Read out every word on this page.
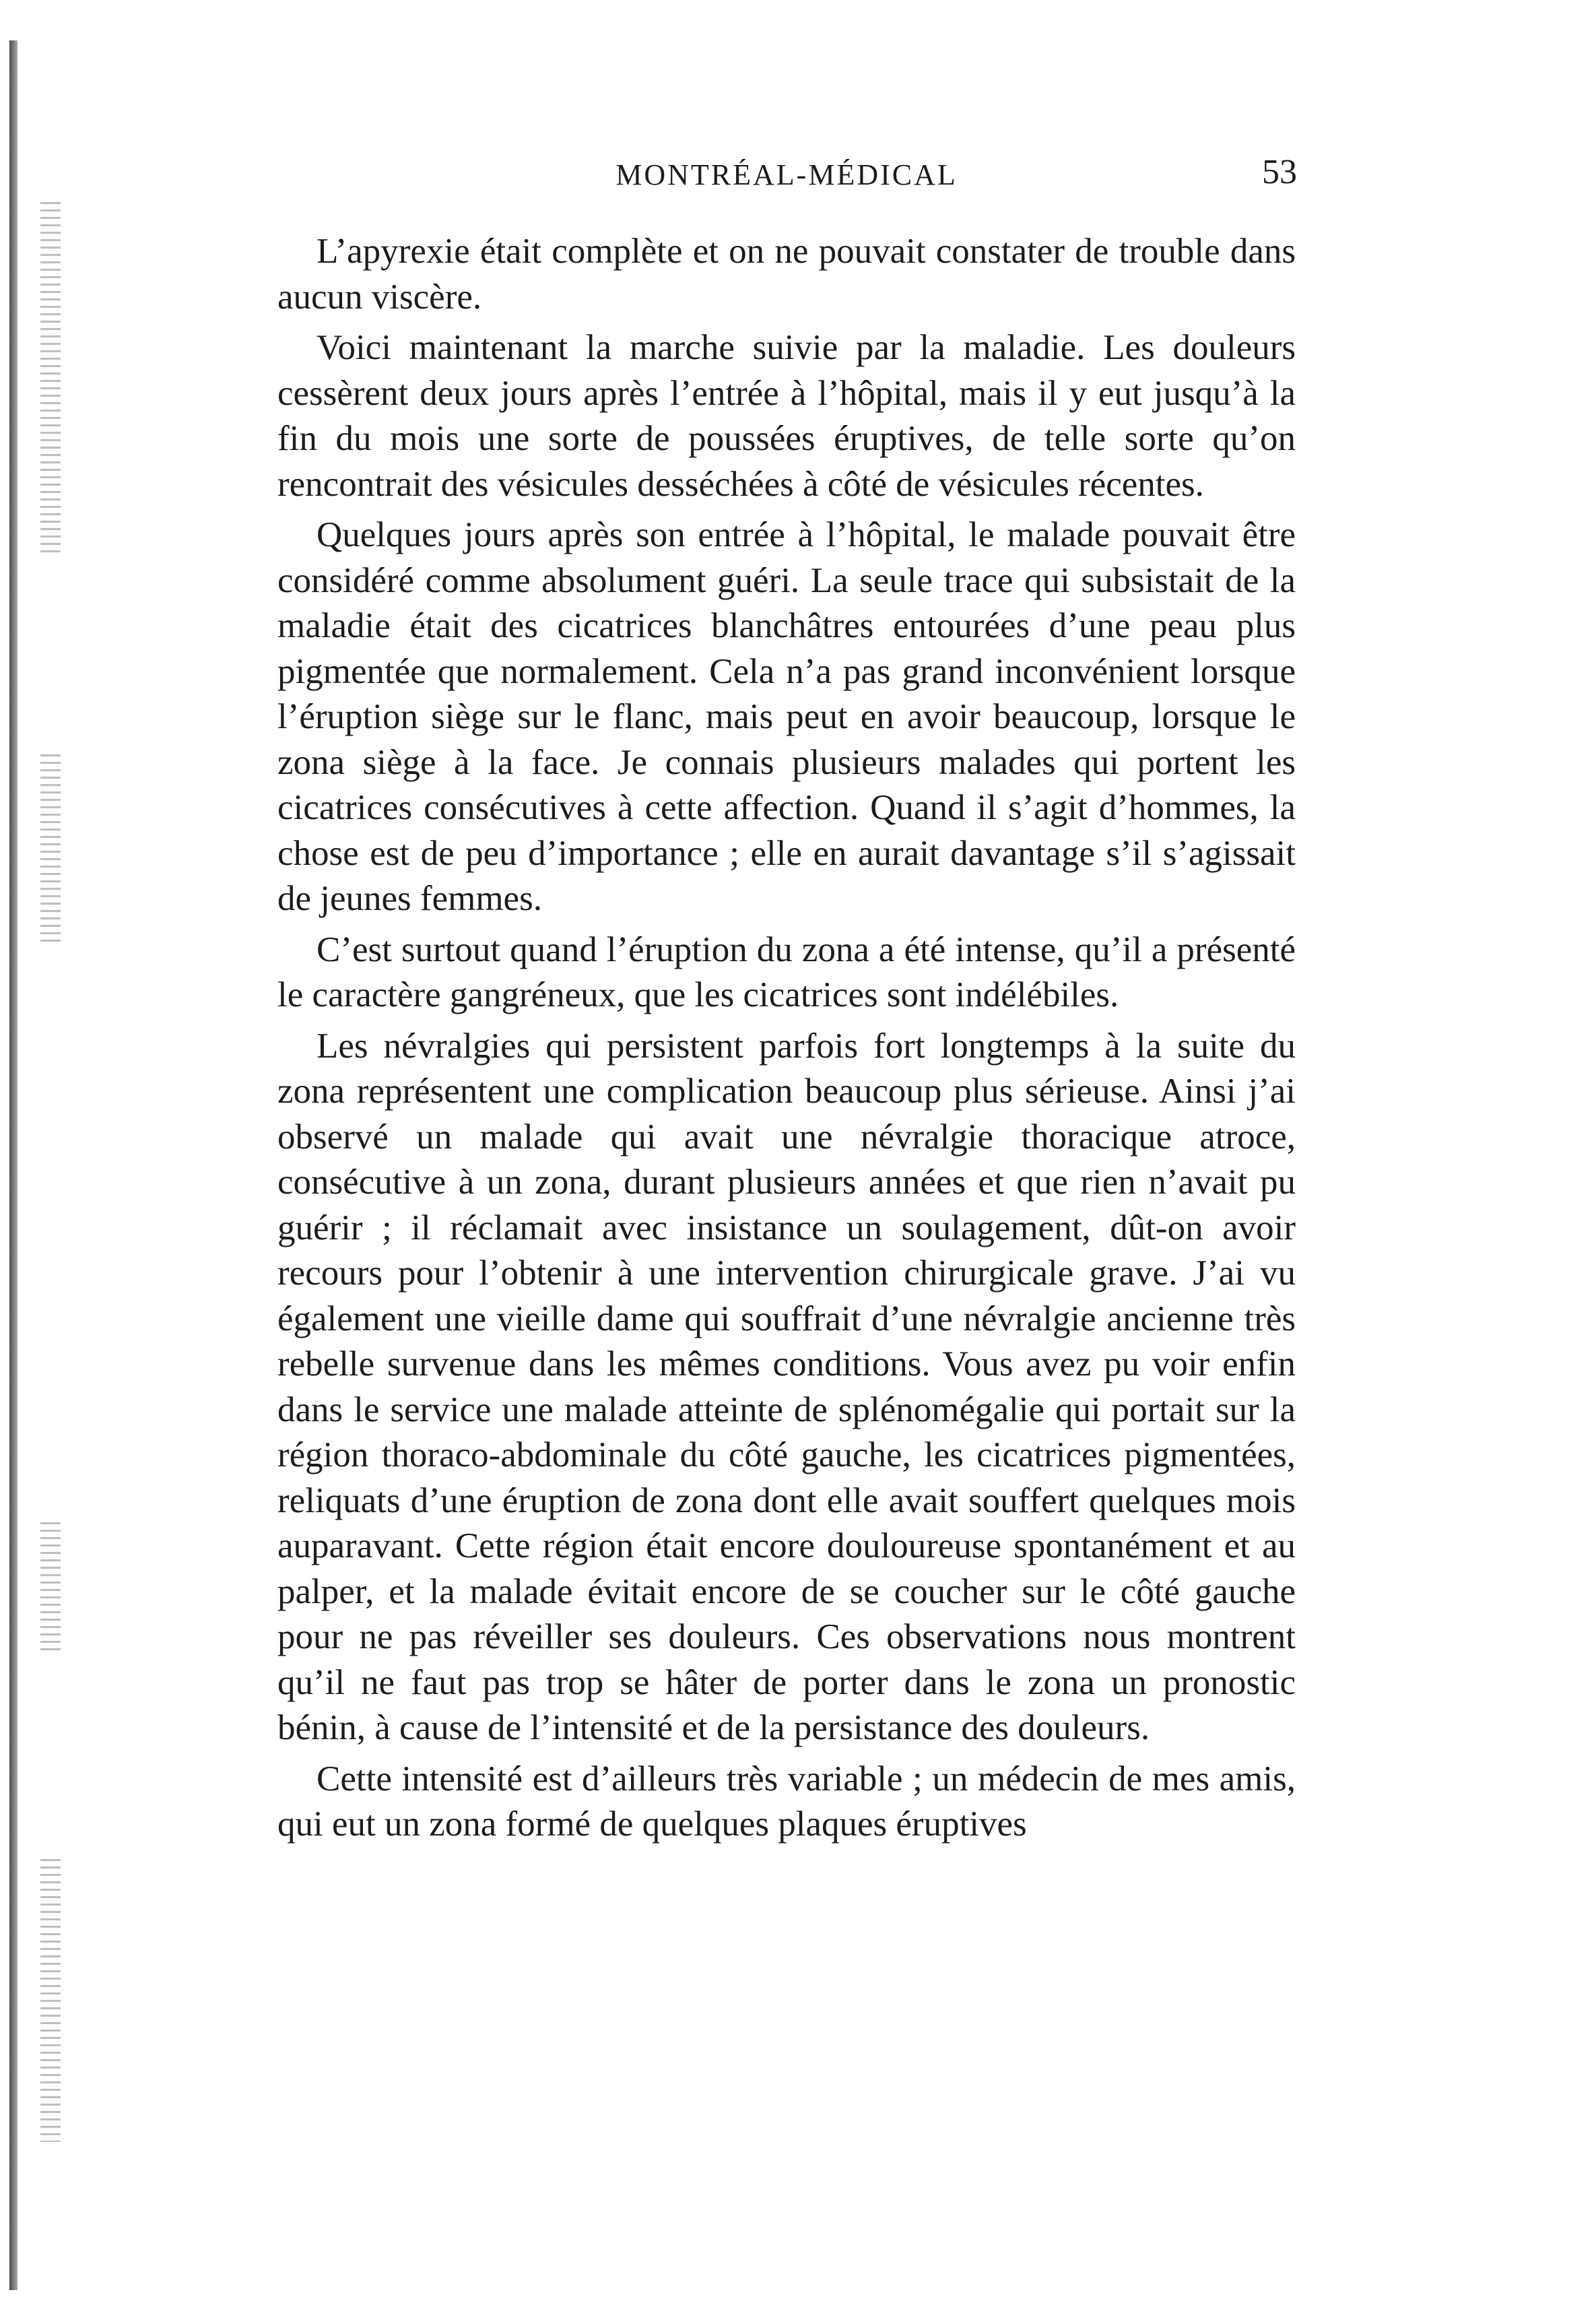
MONTRÉAL-MÉDICAL	53

L’apyrexie était complète et on ne pouvait constater de trouble dans aucun viscère.

Voici maintenant la marche suivie par la maladie. Les douleurs cessèrent deux jours après l’entrée à l’hôpital, mais il y eut jusqu’à la fin du mois une sorte de poussées éruptives, de telle sorte qu’on rencontrait des vésicules desséchées à côté de vésicules récentes.

Quelques jours après son entrée à l’hôpital, le malade pouvait être considéré comme absolument guéri. La seule trace qui subsistait de la maladie était des cicatrices blanchâtres entourées d’une peau plus pigmentée que normalement. Cela n’a pas grand inconvénient lorsque l’éruption siège sur le flanc, mais peut en avoir beaucoup, lorsque le zona siège à la face. Je connais plusieurs malades qui portent les cicatrices consécutives à cette affection. Quand il s’agit d’hommes, la chose est de peu d’importance ; elle en aurait davantage s’il s’agissait de jeunes femmes.

C’est surtout quand l’éruption du zona a été intense, qu’il a présenté le caractère gangréneux, que les cicatrices sont indélébiles.

Les névralgies qui persistent parfois fort longtemps à la suite du zona représentent une complication beaucoup plus sérieuse. Ainsi j’ai observé un malade qui avait une névralgie thoracique atroce, consécutive à un zona, durant plusieurs années et que rien n’avait pu guérir ; il réclamait avec insistance un soulagement, dût-on avoir recours pour l’obtenir à une intervention chirurgicale grave. J’ai vu également une vieille dame qui souffrait d’une névralgie ancienne très rebelle survenue dans les mêmes conditions. Vous avez pu voir enfin dans le service une malade atteinte de splénomégalie qui portait sur la région thoraco-abdominale du côté gauche, les cicatrices pigmentées, reliquats d’une éruption de zona dont elle avait souffert quelques mois auparavant. Cette région était encore douloureuse spontanément et au palper, et la malade évitait encore de se coucher sur le côté gauche pour ne pas réveiller ses douleurs. Ces observations nous montrent qu’il ne faut pas trop se hâter de porter dans le zona un pronostic bénin, à cause de l’intensité et de la persistance des douleurs.

Cette intensité est d’ailleurs très variable ; un médecin de mes amis, qui eut un zona formé de quelques plaques éruptives
